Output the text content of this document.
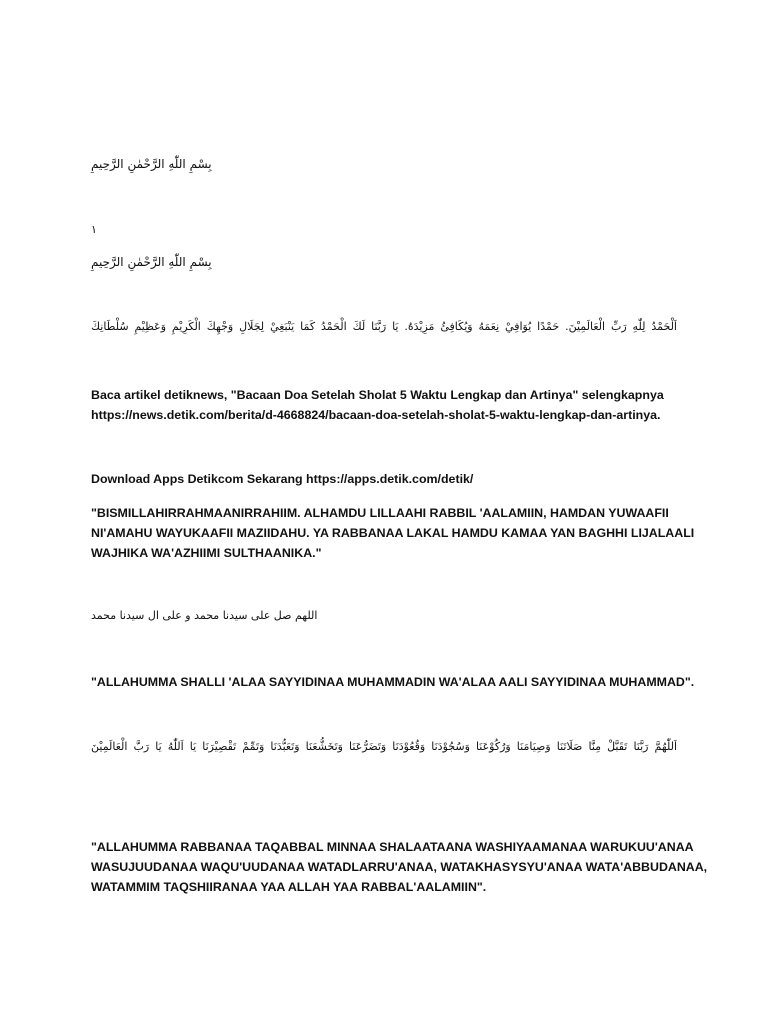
بِسْمِ اللّٰهِ الرَّحْمٰنِ الرَّحِيمِ
١
بِسْمِ اللّٰهِ الرَّحْمٰنِ الرَّحِيمِ
اَلْحَمْدُ لِلّٰهِ رَبِّ الْعَالَمِيْنَ. حَمْدًا يُوَافِيْ نِعَمَهُ وَيُكَافِئُ مَزِيْدَهُ. يَا رَبَّنَا لَكَ الْحَمْدُ كَمَا يَنْبَغِيْ لِجَلَالِ وَجْهِكَ الْكَرِيْمِ وَعَظِيْمِ سُلْطَانِكَ

Baca artikel detiknews, "Bacaan Doa Setelah Sholat 5 Waktu Lengkap dan Artinya" selengkapnya

https://news.detik.com/berita/d-4668824/bacaan-doa-setelah-sholat-5-waktu-lengkap-dan-artinya.

Download Apps Detikcom Sekarang https://apps.detik.com/detik/

"BISMILLAHIRRAHMAANIRRAHIIM. ALHAMDU LILLAAHI RABBIL 'AALAMIIN, HAMDAN YUWAAFII

NI'AMAHU WAYUKAAFII MAZIIDAHU. YA RABBANAA LAKAL HAMDU KAMAA YAN BAGHHI LIJALAALI

WAJHIKA WA'AZHIIMI SULTHAANIKA."

اللهم صل على سيدنا محمد و على ال سيدنا محمد
"ALLAHUMMA SHALLI 'ALAA SAYYIDINAA MUHAMMADIN WA'ALAA AALI SAYYIDINAA MUHAMMAD".
اَللّٰهُمَّ رَبَّنَا تَقَبَّلْ مِنَّا صَلَاتَنَا وَصِيَامَنَا وَرُكُوْعَنَا وَسُجُوْدَنَا وَقُعُوْدَنَا وَتَضَرُّعَنَا وَتَخَشُّعَنَا وَتَعَبُّدَنَا وَتَمِّمْ تَقْصِيْرَنَا يَا اَللّٰهُ يَا رَبَّ الْعَالَمِيْنَ

"ALLAHUMMA RABBANAA TAQABBAL MINNAA SHALAATAANA WASHIYAAMANAA WARUKUU'ANAA

WASUJUUDANAA WAQU'UUDANAA WATADLARRU'ANAA, WATAKHASYSYU'ANAA WATA'ABBUDANAA,

WATAMMIM TAQSHIIRANAA YAA ALLAH YAA RABBAL'AALAMIIN".
